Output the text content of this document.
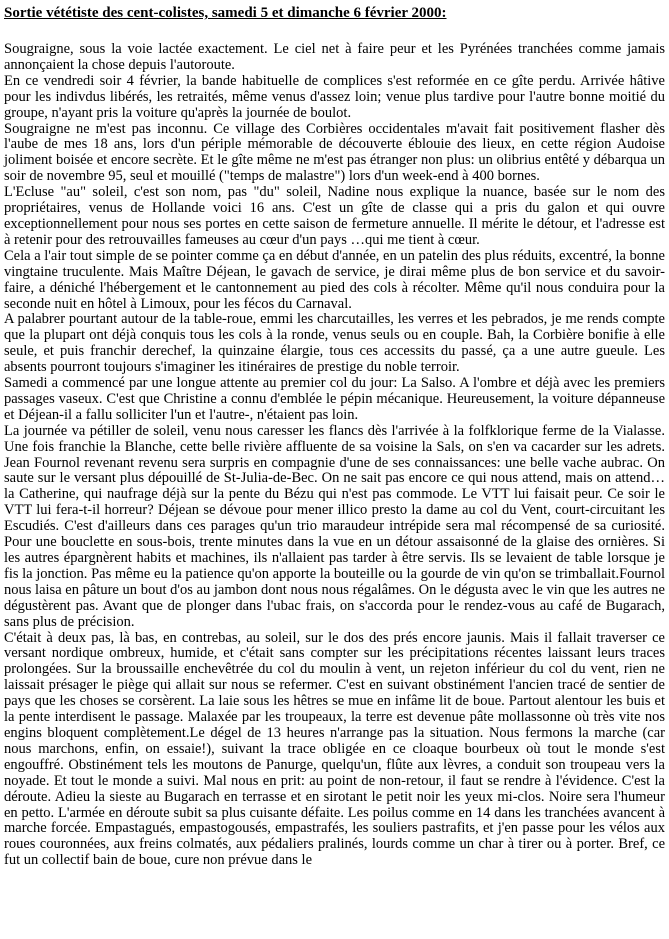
Sortie vététiste des cent-colistes, samedi 5 et dimanche 6 février 2000:

Sougraigne, sous la voie lactée exactement. Le ciel net à faire peur et les Pyrénées tranchées comme jamais annonçaient la chose depuis l'autoroute.

En ce vendredi soir 4 février, la bande habituelle de complices s'est reformée en ce gîte perdu. Arrivée hâtive pour les indivdus libérés, les retraités, même venus d'assez loin; venue plus tardive pour l'autre bonne moitié du groupe, n'ayant pris la voiture qu'après la journée de boulot.

Sougraigne ne m'est pas inconnu. Ce village des Corbières occidentales m'avait fait positivement flasher dès l'aube de mes 18 ans, lors d'un périple mémorable de découverte éblouie des lieux, en cette région Audoise joliment boisée et encore secrète. Et le gîte même ne m'est pas étranger non plus: un olibrius entêté y débarqua un soir de novembre 95, seul et mouillé ("temps de malastre") lors d'un week-end à 400 bornes.

L'Ecluse "au" soleil, c'est son nom, pas "du" soleil, Nadine nous explique la nuance, basée sur le nom des propriétaires, venus de Hollande voici 16 ans. C'est un gîte de classe qui a pris du galon et qui ouvre exceptionnellement pour nous ses portes en cette saison de fermeture annuelle. Il mérite le détour, et l'adresse est à retenir pour des retrouvailles fameuses au cœur d'un pays …qui me tient à cœur.

Cela a l'air tout simple de se pointer comme ça en début d'année, en un patelin des plus réduits, excentré, la bonne vingtaine truculente. Mais Maître Déjean, le gavach de service, je dirai même plus de bon service et du savoir-faire, a déniché l'hébergement et le cantonnement au pied des cols à récolter. Même qu'il nous conduira pour la seconde nuit en hôtel à Limoux, pour les fécos du Carnaval.

A palabrer pourtant autour de la table-roue, emmi les charcutailles, les verres et les pebrados, je me rends compte que la plupart ont déjà conquis tous les cols à la ronde, venus seuls ou en couple. Bah, la Corbière bonifie à elle seule, et puis franchir derechef, la quinzaine élargie, tous ces accessits du passé, ça a une autre gueule. Les absents pourront toujours s'imaginer les itinéraires de prestige du noble terroir.

Samedi a commencé par une longue attente au premier col du jour: La Salso. A l'ombre et déjà avec les premiers passages vaseux. C'est que Christine a connu d'emblée le pépin mécanique. Heureusement, la voiture dépanneuse et Déjean-il a fallu solliciter l'un et l'autre-, n'étaient pas loin.

La journée va pétiller de soleil, venu nous caresser les flancs dès l'arrivée à la folfklorique ferme de la Vialasse. Une fois franchie la Blanche, cette belle rivière affluente de sa voisine la Sals, on s'en va cacarder sur les adrets. Jean Fournol revenant revenu sera surpris en compagnie d'une de ses connaissances: une belle vache aubrac. On saute sur le versant plus dépouillé de St-Julia-de-Bec. On ne sait pas encore ce qui nous attend, mais on attend…la Catherine, qui naufrage déjà sur la pente du Bézu qui n'est pas commode. Le VTT lui faisait peur. Ce soir le VTT lui fera-t-il horreur? Déjean se dévoue pour mener illico presto la dame au col du Vent, court-circuitant les Escudiés. C'est d'ailleurs dans ces parages qu'un trio maraudeur intrépide sera mal récompensé de sa curiosité. Pour une bouclette en sous-bois, trente minutes dans la vue en un détour assaisonné de la glaise des ornières. Si les autres épargnèrent habits et machines, ils n'allaient pas tarder à être servis. Ils se levaient de table lorsque je fis la jonction. Pas même eu la patience qu'on apporte la bouteille ou la gourde de vin qu'on se trimballait.Fournol nous laisa en pâture un bout d'os au jambon dont nous nous régalâmes. On le dégusta avec le vin que les autres ne dégustèrent pas. Avant que de plonger dans l'ubac frais, on s'accorda pour le rendez-vous au café de Bugarach, sans plus de précision.

C'était à deux pas, là bas, en contrebas, au soleil, sur le dos des prés encore jaunis. Mais il fallait traverser ce versant nordique ombreux, humide, et c'était sans compter sur les précipitations récentes laissant leurs traces prolongées. Sur la broussaille enchevêtrée du col du moulin à vent, un rejeton inférieur du col du vent, rien ne laissait présager le piège qui allait sur nous se refermer. C'est en suivant obstinément l'ancien tracé de sentier de pays que les choses se corsèrent. La laie sous les hêtres se mue en infâme lit de boue. Partout alentour les buis et la pente interdisent le passage. Malaxée par les troupeaux, la terre est devenue pâte mollassonne où très vite nos engins bloquent complètement.Le dégel de 13 heures n'arrange pas la situation. Nous fermons la marche (car nous marchons, enfin, on essaie!), suivant la trace obligée en ce cloaque bourbeux où tout le monde s'est engouffré. Obstinément tels les moutons de Panurge, quelqu'un, flûte aux lèvres, a conduit son troupeau vers la noyade. Et tout le monde a suivi. Mal nous en prit: au point de non-retour, il faut se rendre à l'évidence. C'est la déroute. Adieu la sieste au Bugarach en terrasse et en sirotant le petit noir les yeux mi-clos. Noire sera l'humeur en petto. L'armée en déroute subit sa plus cuisante défaite. Les poilus comme en 14 dans les tranchées avancent à marche forcée. Empastagués, empastogousés, empastrafés, les souliers pastrafits, et j'en passe pour les vélos aux roues couronnées, aux freins colmatés, aux pédaliers pralinés, lourds comme un char à tirer ou à porter. Bref, ce fut un collectif bain de boue, cure non prévue dans le
